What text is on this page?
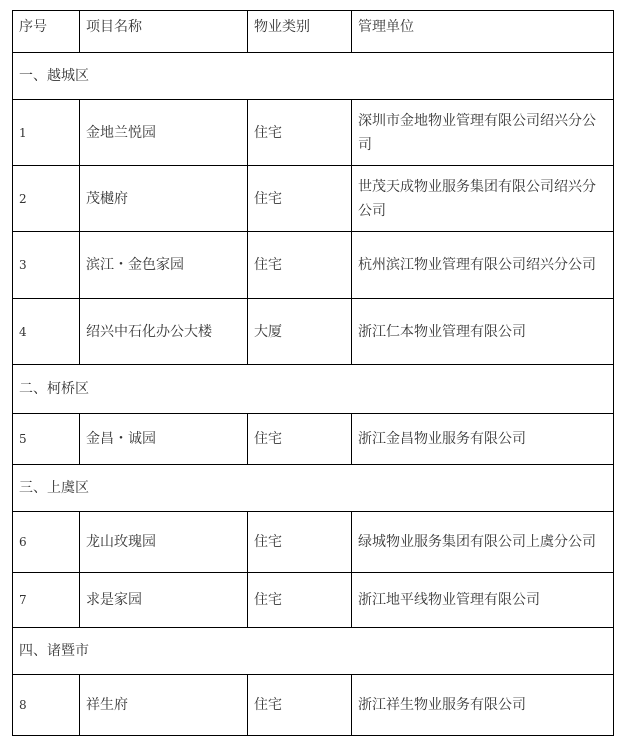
序号	项目名称	物业类别	管理单位
一、越城区			
1	金地兰悦园	住宅	深圳市金地物业管理有限公司绍兴分公司
2	茂樾府	住宅	世茂天成物业服务集团有限公司绍兴分公司
3	滨江・金色家园	住宅	杭州滨江物业管理有限公司绍兴分公司
4	绍兴中石化办公大楼	大厦	浙江仁本物业管理有限公司
二、柯桥区			
5	金昌・诚园	住宅	浙江金昌物业服务有限公司
三、上虞区			
6	龙山玫瑰园	住宅	绿城物业服务集团有限公司上虞分公司
7	求是家园	住宅	浙江地平线物业管理有限公司
四、诸暨市			
8	祥生府	住宅	浙江祥生物业服务有限公司
